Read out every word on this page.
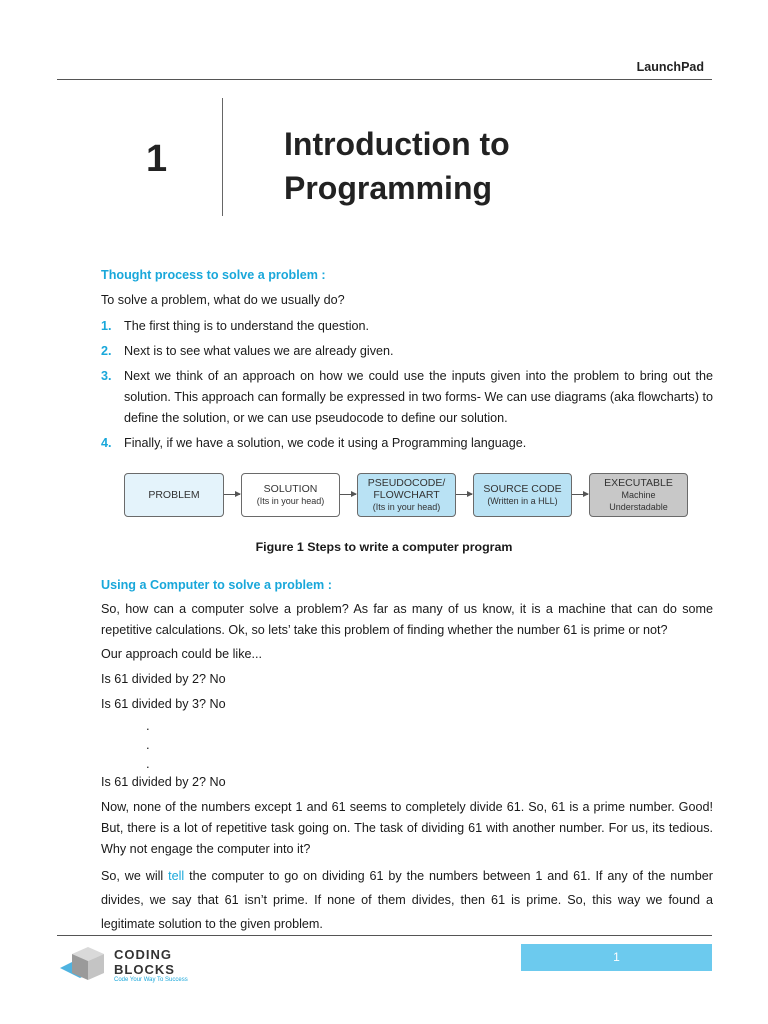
LaunchPad
1	Introduction to
Programming
Thought process to solve a problem :
To solve a problem, what do we usually do?
1. The first thing is to understand the question.
2. Next is to see what values we are already given.
3. Next we think of an approach on how we could use the inputs given into the problem to bring out the solution. This approach can formally be expressed in two forms- We can use diagrams (aka flowcharts) to define the solution, or we can use pseudocode to define our solution.
4. Finally, if we have a solution, we code it using a Programming language.
PROBLEM	SOLUTION
(Its in your head)
PSEUDOCODE/
FLOWCHART
(Its in your head)
SOURCE CODE
(Written in a HLL)
EXECUTABLE
Machine
Understadable
Figure 1 Steps to write a computer program
Using a Computer to solve a problem :
So, how can a computer solve a problem? As far as many of us know, it is a machine that can do some repetitive calculations. Ok, so lets’ take this problem of finding whether the number 61 is prime or not?
Our approach could be like...
Is 61 divided by 2? No
Is 61 divided by 3? No
.
.
.
Is 61 divided by 2? No
Now, none of the numbers except 1 and 61 seems to completely divide 61. So, 61 is a prime number. Good! But, there is a lot of repetitive task going on. The task of dividing 61 with another number. For us, its tedious. Why not engage the computer into it?
So, we will tell the computer to go on dividing 61 by the numbers between 1 and 61. If any of the number divides, we say that 61 isn’t prime. If none of them divides, then 61 is prime. So, this way we found a legitimate solution to the given problem.
CODING
BLOCKS
Code Your Way To Success
1
